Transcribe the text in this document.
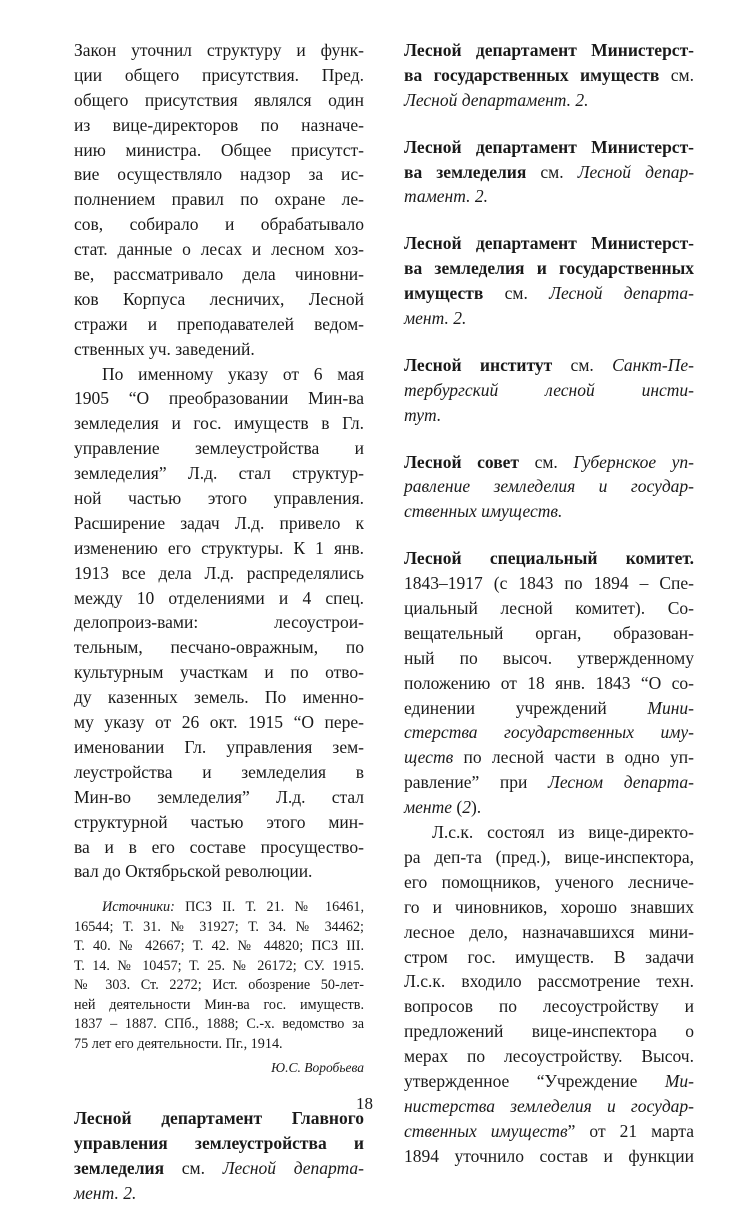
Закон уточнил структуру и функ-
ции общего присутствия. Пред.
общего присутствия являлся один
из вице-директоров по назначе-
нию министра. Общее присутст-
вие осуществляло надзор за ис-
полнением правил по охране ле-
сов, собирало и обрабатывало
стат. данные о лесах и лесном хоз-
ве, рассматривало дела чиновни-
ков Корпуса лесничих, Лесной
стражи и преподавателей ведом-
ственных уч. заведений.
По именному указу от 6 мая
1905 “О преобразовании Мин-ва
земледелия и гос. имуществ в Гл.
управление землеустройства и
земледелия” Л.д. стал структур-
ной частью этого управления.
Расширение задач Л.д. привело к
изменению его структуры. К 1 янв.
1913 все дела Л.д. распределялись
между 10 отделениями и 4 спец.
делопроиз-вами: лесоустрои-
тельным, песчано-овражным, по
культурным участкам и по отво-
ду казенных земель. По именно-
му указу от 26 окт. 1915 “О пере-
именовании Гл. управления зем-
леустройства и земледелия в
Мин-во земледелия” Л.д. стал
структурной частью этого мин-
ва и в его составе просущество-
вал до Октябрьской революции.
Источники: ПСЗ II. Т. 21. № 16461,
16544; Т. 31. № 31927; Т. 34. № 34462;
Т. 40. № 42667; Т. 42. № 44820; ПСЗ III.
Т. 14. № 10457; Т. 25. № 26172; СУ. 1915.
№ 303. Ст. 2272; Ист. обозрение 50-лет-
ней деятельности Мин-ва гос. имуществ.
1837 – 1887. СПб., 1888; С.-х. ведомство за
75 лет его деятельности. Пг., 1914.
Ю.С. Воробьева
Лесной департамент Главного
управления землеустройства и
земледелия см. Лесной департа-
мент. 2.
Лесной департамент Министерст-
ва государственных имуществ см.
Лесной департамент. 2.
Лесной департамент Министерст-
ва земледелия см. Лесной депар-
тамент. 2.
Лесной департамент Министерст-
ва земледелия и государственных
имуществ см. Лесной департа-
мент. 2.
Лесной институт см. Санкт-Пе-
тербургский лесной инсти-
тут.
Лесной совет см. Губернское уп-
равление земледелия и государ-
ственных имуществ.
Лесной специальный комитет.
1843–1917 (с 1843 по 1894 – Спе-
циальный лесной комитет). Со-
вещательный орган, образован-
ный по высоч. утвержденному
положению от 18 янв. 1843 “О со-
единении учреждений Мини-
стерства государственных иму-
ществ по лесной части в одно уп-
равление” при Лесном департа-
менте (2).
Л.с.к. состоял из вице-директо-
ра деп-та (пред.), вице-инспектора,
его помощников, ученого лесниче-
го и чиновников, хорошо знавших
лесное дело, назначавшихся мини-
стром гос. имуществ. В задачи
Л.с.к. входило рассмотрение техн.
вопросов по лесоустройству и
предложений вице-инспектора о
мерах по лесоустройству. Высоч.
утвержденное “Учреждение Ми-
нистерства земледелия и государ-
ственных имуществ” от 21 марта
1894 уточнило состав и функции
18
